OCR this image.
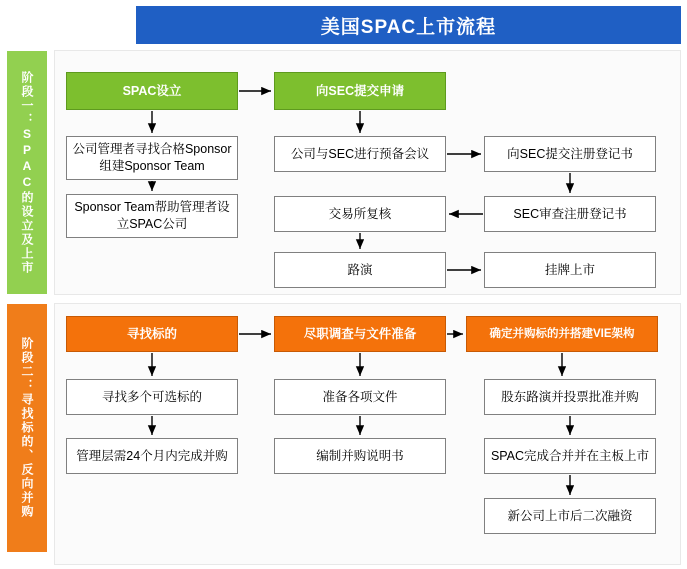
美国SPAC上市流程
阶段一：SPAC的设立及上市
阶段二：寻找标的、反向并购
SPAC设立	向SEC提交申请
公司管理者寻找合格Sponsor组建Sponsor Team
公司与SEC进行预备会议	向SEC提交注册登记书
Sponsor Team帮助管理者设立SPAC公司
交易所复核	SEC审查注册登记书
路演	挂牌上市
寻找标的	尽职调查与文件准备	确定并购标的并搭建VIE架构
寻找多个可选标的	准备各项文件	股东路演并投票批准并购
管理层需24个月内完成并购	编制并购说明书	SPAC完成合并并在主板上市
新公司上市后二次融资
